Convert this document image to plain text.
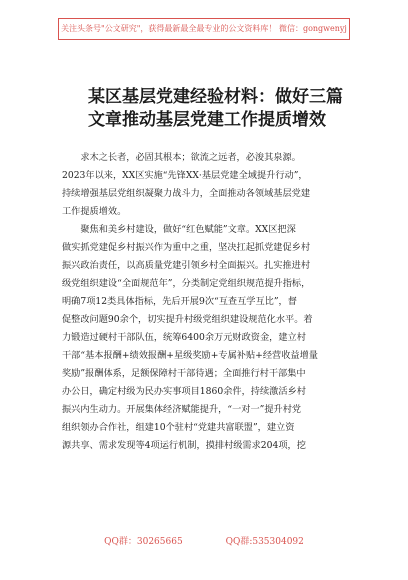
关注头条号"公文研究"，获得最新最全最专业的公文资料库！ 微信：gongwenyj
某区基层党建经验材料：做好三篇
文章推动基层党建工作提质增效
　　求木之长者，必固其根本；欲流之远者，必浚其泉源。
2023年以来，XX区实施“先锋XX·基层党建全域提升行动”，
持续增强基层党组织凝聚力战斗力，全面推动各领域基层党建
工作提质增效。
　　聚焦和美乡村建设，做好“红色赋能”文章。XX区把深
做实抓党建促乡村振兴作为重中之重，坚决扛起抓党建促乡村
振兴政治责任，以高质量党建引领乡村全面振兴。扎实推进村
级党组织建设“全面规范年”，分类制定党组织规范提升指标，
明确7项12类具体指标，先后开展9次“互查互学互比”，督
促整改问题90余个，切实提升村级党组织建设规范化水平。着
力锻造过硬村干部队伍，统筹6400余万元财政资金，建立村
干部“基本报酬+绩效报酬+星级奖励+专属补贴+经营收益增量
奖励”报酬体系，足额保障村干部待遇；全面推行村干部集中
办公日，确定村级为民办实事项目1860余件，持续激活乡村
振兴内生动力。开展集体经济赋能提升，“一对一”提升村党
组织领办合作社，组建10个驻村“党建共富联盟”，建立资
源共享、需求发现等4项运行机制，摸排村级需求204项，挖
QQ群：30265665	QQ群:535304092
